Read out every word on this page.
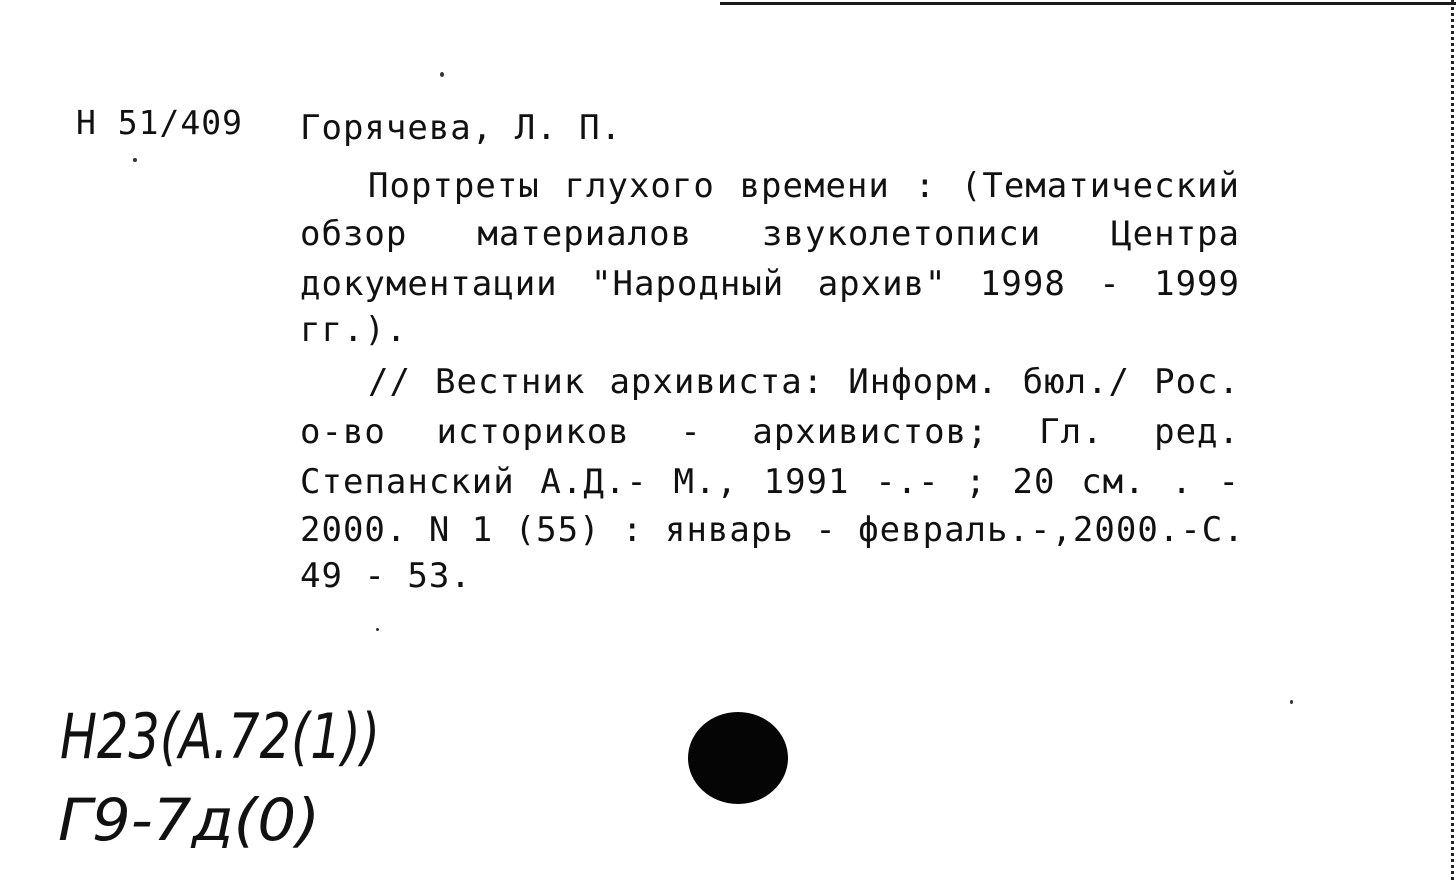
Н 51/409 Горячева, Л. П.
Портреты глухого времени : (Тематический
обзор материалов звуколетописи Центра
документации "Народный архив" 1998 - 1999
гг.).
// Вестник архивиста: Информ. бюл./ Рос.
о-во историков - архивистов; Гл. ред.
Степанский А.Д.- М., 1991 -.- ; 20 см. . -
2000. N 1 (55) : январь - февраль.-,2000.-С.
49 - 53.
Н23(А.72(1))
Г9-7д(0)
